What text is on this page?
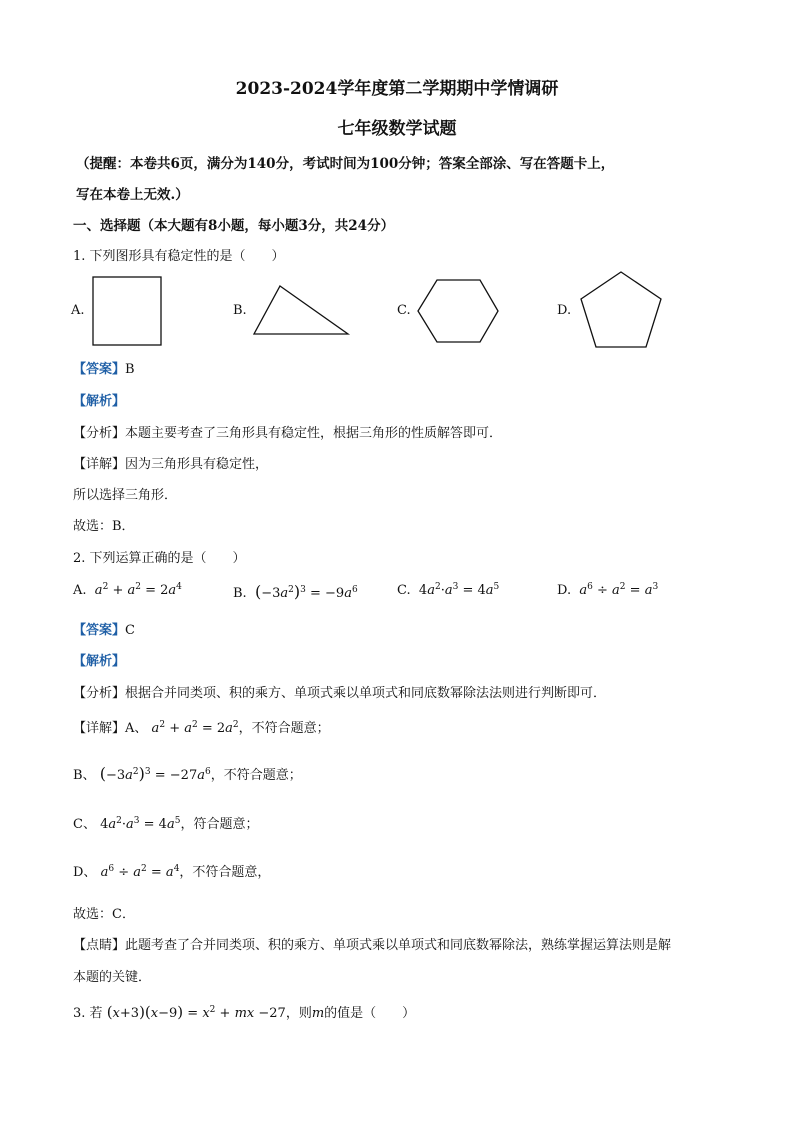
2023-2024学年度第二学期期中学情调研
七年级数学试题
（提醒：本卷共6页，满分为140分，考试时间为100分钟；答案全部涂、写在答题卡上，
写在本卷上无效.）
一、选择题（本大题有8小题，每小题3分，共24分）
1. 下列图形具有稳定性的是（　　）
A.	B.	C.	D.
【答案】B
【解析】
【分析】本题主要考查了三角形具有稳定性，根据三角形的性质解答即可．
【详解】因为三角形具有稳定性，
所以选择三角形．
故选：B．
2. 下列运算正确的是（　　）
A.  $a^2 + a^2 = 2a^4$	B. $(-3a^2)^3 = -9a^6$	C. $4a^2\cdot a^3 = 4a^5$	D.  $a^6 \div a^2 = a^3$
【答案】C
【解析】
【分析】根据合并同类项、积的乘方、单项式乘以单项式和同底数幂除法法则进行判断即可．
【详解】A、 $a^2 + a^2 = 2a^2$，不符合题意；
B、 $(-3a^2)^3 = -27a^6$，不符合题意；
C、 $4a^2\cdot a^3 = 4a^5$，符合题意；
D、 $a^6 \div a^2 = a^4$，不符合题意，
故选：C．
【点睛】此题考查了合并同类项、积的乘方、单项式乘以单项式和同底数幂除法，熟练掌握运算法则是解
本题的关键．
3. 若 $(x+3)(x-9) = x^2$ + mx −27，则m的值是（　　）
